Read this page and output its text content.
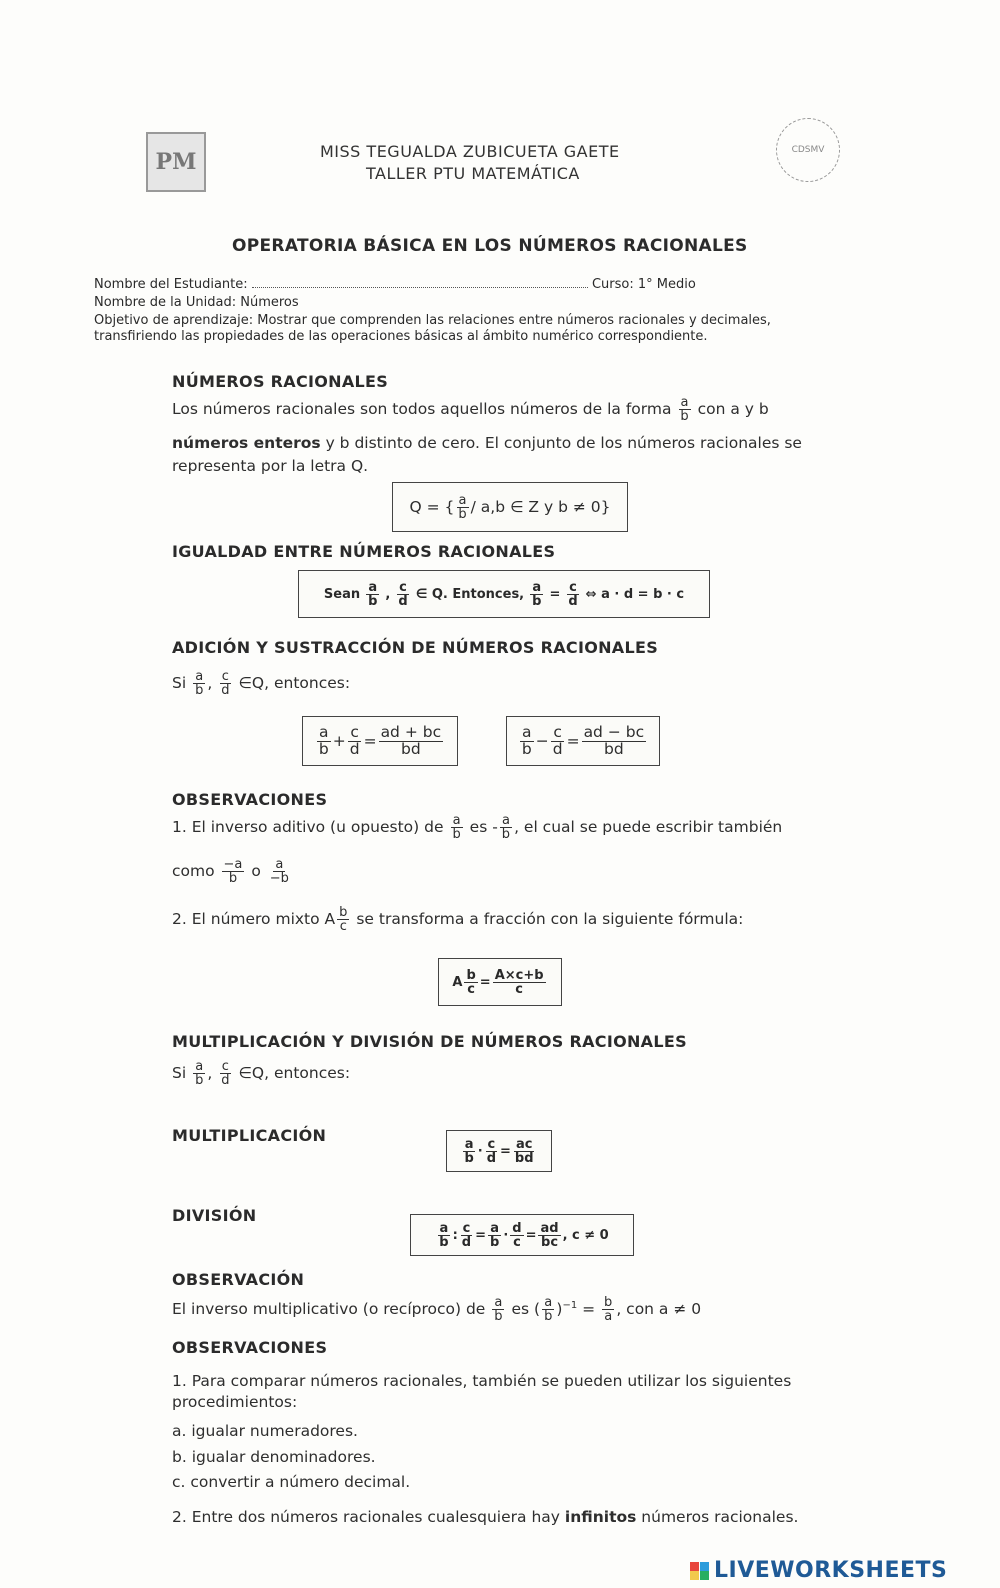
PM	MISS TEGUALDA ZUBICUETA GAETE
TALLER PTU MATEMÁTICA
CDSMV
OPERATORIA BÁSICA EN LOS NÚMEROS RACIONALES
Nombre del Estudiante:	Curso: 1° Medio
Nombre de la Unidad: Números
Objetivo de aprendizaje: Mostrar que comprenden las relaciones entre números racionales y decimales,
transfiriendo las propiedades de las operaciones básicas al ámbito numérico correspondiente.
NÚMEROS RACIONALES
Los números racionales son todos aquellos números de la forma $\frac{a}{b}$ con a y b
números enteros y b distinto de cero. El conjunto de los números racionales se
representa por la letra Q.
Q = { $\frac{a}{b} / a,b$ ∈ Z y b ≠ 0 }
IGUALDAD ENTRE NÚMEROS RACIONALES
Sean $\frac{a}{b}$ , $\frac{c}{d}$ ∈ Q. Entonces, $\frac{a}{b} = \frac{c}{d}$ ⇔ a · d = b · c
ADICIÓN Y SUSTRACCIÓN DE NÚMEROS RACIONALES
Si $\frac{a}{b}$ , $\frac{c}{d}$ ∈Q, entonces:
$\frac{a}{b} + \frac{c}{d} = \frac{ad + bc}{bd}$	$\frac{a}{b} - \frac{c}{d} = \frac{ad - bc}{bd}$
OBSERVACIONES
1. El inverso aditivo (u opuesto) de $\frac{a}{b}$ es - $\frac{a}{b}$ , el cual se puede escribir también
como $\frac{-a}{b}$ o $\frac{a}{-b}$
2. El número mixto A $\frac{b}{c}$ se transforma a fracción con la siguiente fórmula:
A $\frac{b}{c} = \frac{A\times c+b}{c}$
MULTIPLICACIÓN Y DIVISIÓN DE NÚMEROS RACIONALES
Si $\frac{a}{b}$ , $\frac{c}{d}$ ∈Q, entonces:
MULTIPLICACIÓN
$\frac{a}{b} \cdot \frac{c}{d} = \frac{ac}{bd}$
DIVISIÓN
$\frac{a}{b}$ : $\frac{c}{d} = \frac{a}{b} \cdot \frac{d}{c} = \frac{ad}{bc}$ , c ≠ 0
OBSERVACIÓN
El inverso multiplicativo (o recíproco) de $\frac{a}{b}$ es ( $\frac{a}{b} )^{-1} = \frac{b}{a}$ , con a ≠ 0
OBSERVACIONES
1. Para comparar números racionales, también se pueden utilizar los siguientes
procedimientos:
a. igualar numeradores.
b. igualar denominadores.
c. convertir a número decimal.
2. Entre dos números racionales cualesquiera hay infinitos números racionales.
LIVEWORKSHEETS
